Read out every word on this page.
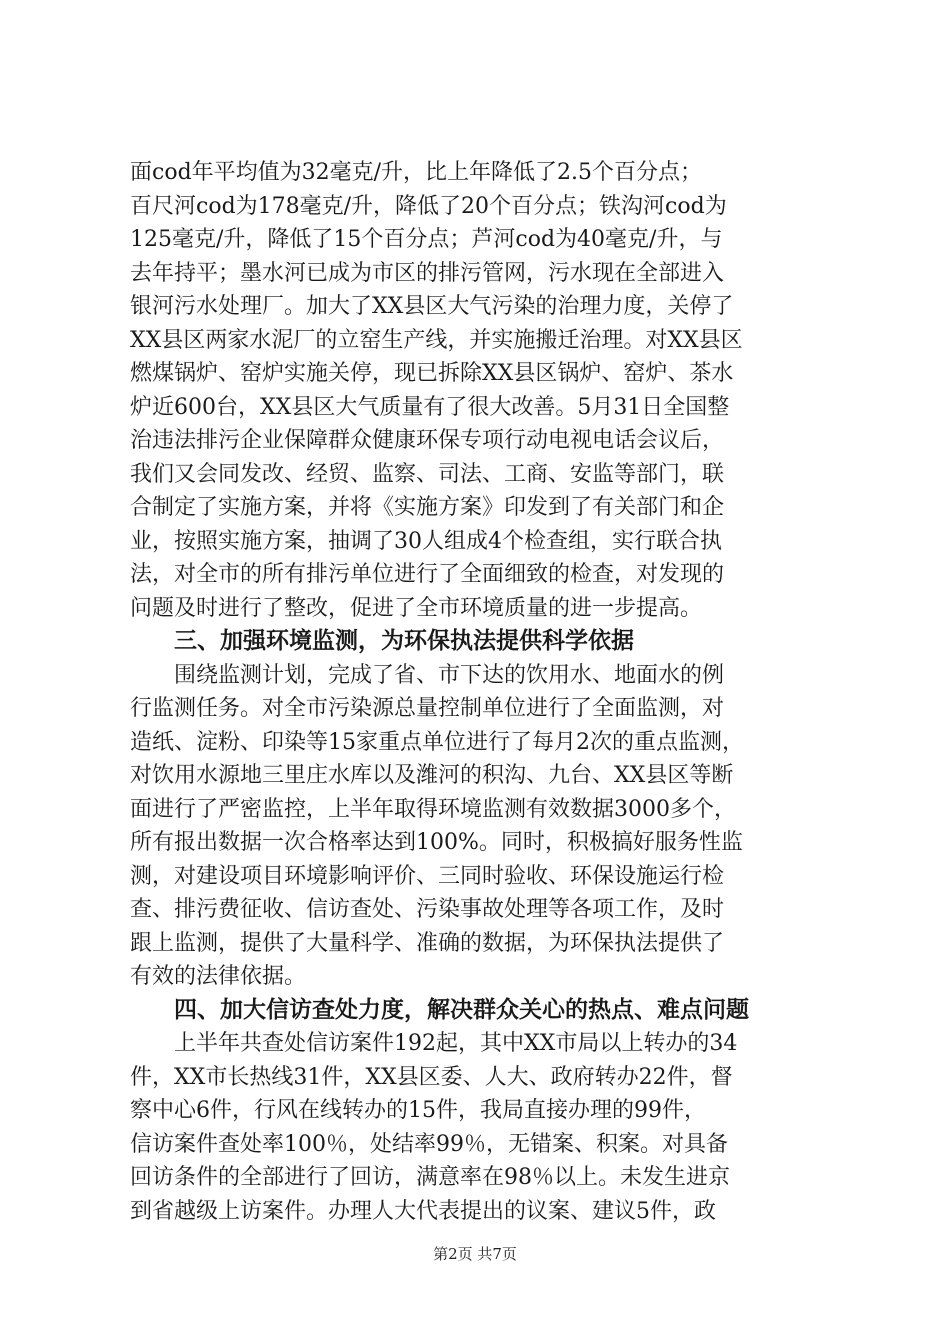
面cod年平均值为32毫克/升，比上年降低了2.5个百分点；
百尺河cod为178毫克/升，降低了20个百分点；铁沟河cod为
125毫克/升，降低了15个百分点；芦河cod为40毫克/升，与
去年持平；墨水河已成为市区的排污管网，污水现在全部进入
银河污水处理厂。加大了XX县区大气污染的治理力度，关停了
XX县区两家水泥厂的立窑生产线，并实施搬迁治理。对XX县区
燃煤锅炉、窑炉实施关停，现已拆除XX县区锅炉、窑炉、茶水
炉近600台，XX县区大气质量有了很大改善。5月31日全国整
治违法排污企业保障群众健康环保专项行动电视电话会议后，
我们又会同发改、经贸、监察、司法、工商、安监等部门，联
合制定了实施方案，并将《实施方案》印发到了有关部门和企
业，按照实施方案，抽调了30人组成4个检查组，实行联合执
法，对全市的所有排污单位进行了全面细致的检查，对发现的
问题及时进行了整改，促进了全市环境质量的进一步提高。
三、加强环境监测，为环保执法提供科学依据
围绕监测计划，完成了省、市下达的饮用水、地面水的例
行监测任务。对全市污染源总量控制单位进行了全面监测，对
造纸、淀粉、印染等15家重点单位进行了每月2次的重点监测，
对饮用水源地三里庄水库以及潍河的积沟、九台、XX县区等断
面进行了严密监控，上半年取得环境监测有效数据3000多个，
所有报出数据一次合格率达到100%。同时，积极搞好服务性监
测，对建设项目环境影响评价、三同时验收、环保设施运行检
查、排污费征收、信访查处、污染事故处理等各项工作，及时
跟上监测，提供了大量科学、准确的数据，为环保执法提供了
有效的法律依据。
四、加大信访查处力度，解决群众关心的热点、难点问题
上半年共查处信访案件192起，其中XX市局以上转办的34
件，XX市长热线31件，XX县区委、人大、政府转办22件，督
察中心6件，行风在线转办的15件，我局直接办理的99件，
信访案件查处率100％，处结率99％，无错案、积案。对具备
回访条件的全部进行了回访，满意率在98％以上。未发生进京
到省越级上访案件。办理人大代表提出的议案、建议5件，政
第2页 共7页
